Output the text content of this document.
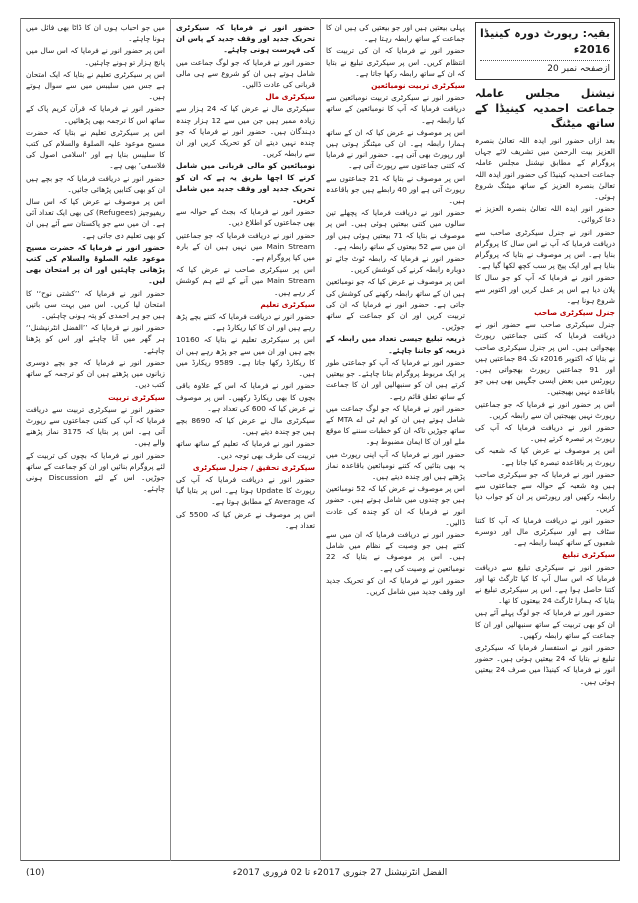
بقیہ: رپورٹ دورہ کینیڈا 2016ء
ازصفحہ نمبر 20
نیشنل مجلس عاملہ جماعت احمدیہ کینیڈا کے ساتھ میٹنگ

بعد ازاں حضور انور ایدہ اللہ تعالیٰ بنصرہ العزیز بیت الرحمن میں تشریف لائے جہاں پروگرام کے مطابق نیشنل مجلس عاملہ جماعت احمدیہ کینیڈا کی حضور انور ایدہ اللہ تعالیٰ بنصرہ العزیز کے ساتھ میٹنگ شروع ہوئی۔

حضور انور ایدہ اللہ تعالیٰ بنصرہ العزیز نے دعا کروائی۔

حضور انور نے جنرل سیکرٹری صاحب سے دریافت فرمایا کہ آپ نے اس سال کا پروگرام بنایا ہے۔ اس پر موصوف نے بتایا کہ پروگرام بنایا ہے اور ایک پیج پر سب کچھ لکھا گیا ہے۔

حضور انور نے فرمایا کہ آپ کو جو سال کا پلان دیا ہے اس پر عمل کریں اور اکتوبر سے شروع ہونا ہے۔

جنرل سیکرٹری صاحب

جنرل سیکرٹری صاحب سے حضور انور نے دریافت فرمایا کہ کتنی جماعتیں رپورٹ بھجواتی ہیں۔ اس پر جنرل سیکرٹری صاحب نے بتایا کہ اکتوبر 2016ء تک 84 جماعتیں ہیں اور 91 جماعتیں رپورٹ بھجواتی ہیں۔ رپورٹس میں بعض ایسی جگہیں بھی ہیں جو باقاعدہ نہیں بھیجتیں۔

اس پر حضور انور نے فرمایا کہ جو جماعتیں رپورٹ نہیں بھیجتیں ان سے رابطہ کریں۔

حضور انور نے دریافت فرمایا کہ آپ کی رپورٹ پر تبصرہ کرتے ہیں۔

اس پر موصوف نے عرض کیا کہ شعبہ کی رپورٹ پر باقاعدہ تبصرہ کیا جاتا ہے۔

حضور انور نے فرمایا کہ جو سیکرٹری صاحب ہیں وہ شعبہ کے حوالہ سے جماعتوں سے رابطہ رکھیں اور رپورٹس پر ان کو جواب دیا کریں۔

حضور انور نے دریافت فرمایا کہ آپ کا کتنا سٹاف ہے اور سیکرٹری مال اور دوسرے شعبوں کے ساتھ کیسا رابطہ ہے۔

سیکرٹری تبلیغ

حضور انور نے سیکرٹری تبلیغ سے دریافت فرمایا کہ اس سال آپ کا کیا ٹارگٹ تھا اور کتنا حاصل ہوا ہے۔ اس پر سیکرٹری تبلیغ نے بتایا کہ ہمارا ٹارگٹ 24 بیعتوں کا تھا۔

حضور انور نے فرمایا کہ جو لوگ پہلے آئے ہیں ان کو بھی تربیت کے ساتھ سنبھالیں اور ان کا جماعت کے ساتھ رابطہ رکھیں۔

حضور انور نے استفسار فرمایا کہ سیکرٹری تبلیغ نے بتایا کہ 24 بیعتیں ہوئی ہیں۔ حضور انور نے فرمایا کہ کینیڈا میں صرف 24 بیعتیں ہوئی ہیں۔

پہلی بیعتیں ہیں اور جو بیعتیں کی ہیں ان کا جماعت کے ساتھ رابطہ رہتا ہے۔

حضور انور نے فرمایا کہ ان کی تربیت کا انتظام کریں۔ اس پر سیکرٹری تبلیغ نے بتایا کہ ان کے ساتھ رابطہ رکھا جاتا ہے۔

سیکرٹری تربیت نومبائعین

حضور انور نے سیکرٹری تربیت نومبائعین سے دریافت فرمایا کہ آپ کا نومبائعین کے ساتھ کیا رابطہ ہے۔

اس پر موصوف نے عرض کیا کہ ان کے ساتھ ہمارا رابطہ ہے۔ ان کی میٹنگز ہوتی ہیں اور رپورٹ بھی آتی ہے۔ حضور انور نے فرمایا کہ کتنی جماعتوں سے رپورٹ آتی ہے۔

اس پر موصوف نے بتایا کہ 21 جماعتوں سے رپورٹ آتی ہے اور 40 رابطے ہیں جو باقاعدہ ہیں۔

حضور انور نے دریافت فرمایا کہ پچھلے تین سالوں میں کتنی بیعتیں ہوئی ہیں۔ اس پر موصوف نے بتایا کہ 71 بیعتیں ہوئی ہیں اور ان میں سے 52 بیعتوں کے ساتھ رابطہ ہے۔

حضور انور نے فرمایا کہ رابطہ ٹوٹ جائے تو دوبارہ رابطہ کرنے کی کوشش کریں۔

اس پر موصوف نے عرض کیا کہ جو نومبائعین ہیں ان کے ساتھ رابطہ رکھنے کی کوشش کی جاتی ہے۔ حضور انور نے فرمایا کہ ان کی تربیت کریں اور ان کو جماعت کے ساتھ جوڑیں۔

ذریعہ تبلیغ جیسی تعداد میں رابطہ کے ذریعہ کو جاننا چاہئے۔

حضور انور نے فرمایا کہ آپ کو جماعتی طور پر ایک مربوط پروگرام بنانا چاہئے۔ جو بیعتیں کرتے ہیں ان کو سنبھالیں اور ان کا جماعت کے ساتھ تعلق قائم رہے۔

حضور انور نے فرمایا کہ جو لوگ جماعت میں شامل ہوتے ہیں ان کو ایم ٹی اے MTA کے ساتھ جوڑیں تاکہ ان کو خطبات سننے کا موقع ملے اور ان کا ایمان مضبوط ہو۔

حضور انور نے فرمایا کہ آپ اپنی رپورٹ میں یہ بھی بتائیں کہ کتنے نومبائعین باقاعدہ نماز پڑھتے ہیں اور چندہ دیتے ہیں۔

اس پر موصوف نے عرض کیا کہ 52 نومبائعین ہیں جو چندوں میں شامل ہوتے ہیں۔ حضور انور نے فرمایا کہ ان کو چندہ کی عادت ڈالیں۔

حضور انور نے دریافت فرمایا کہ ان میں سے کتنے ہیں جو وصیت کے نظام میں شامل ہیں۔ اس پر موصوف نے بتایا کہ 22 نومبائعین نے وصیت کی ہے۔

حضور انور نے فرمایا کہ ان کو تحریک جدید اور وقف جدید میں شامل کریں۔

حضور انور نے فرمایا کہ سیکرٹری تحریک جدید اور وقف جدید کے پاس ان کی فہرست ہونی چاہئے۔

حضور انور نے فرمایا کہ جو لوگ جماعت میں شامل ہوتے ہیں ان کو شروع سے ہی مالی قربانی کی عادت ڈالیں۔

سیکرٹری مال

سیکرٹری مال نے عرض کیا کہ 24 ہزار سے زیادہ ممبر ہیں جن میں سے 12 ہزار چندہ دہندگان ہیں۔ حضور انور نے فرمایا کہ جو چندہ نہیں دیتے ان کو تحریک کریں اور ان سے رابطہ کریں۔

نومبائعین کو مالی قربانی میں شامل کرنے کا اچھا طریق یہ ہے کہ ان کو تحریک جدید اور وقف جدید میں شامل کریں۔

حضور انور نے فرمایا کہ بجٹ کے حوالہ سے بھی جماعتوں کو اطلاع دیں۔

حضور انور نے دریافت فرمایا کہ جو جماعتیں Main Stream میں نہیں ہیں ان کے بارہ میں کیا پروگرام ہے۔

اس پر سیکرٹری صاحب نے عرض کیا کہ Main Stream میں آنے کے لئے ہم کوشش کر رہے ہیں۔

سیکرٹری تعلیم

حضور انور نے دریافت فرمایا کہ کتنے بچے پڑھ رہے ہیں اور ان کا کیا ریکارڈ ہے۔

اس پر سیکرٹری تعلیم نے بتایا کہ 10160 بچے ہیں اور ان میں سے جو پڑھ رہے ہیں ان کا ریکارڈ رکھا جاتا ہے۔ 9589 ریکارڈ میں ہیں۔

حضور انور نے فرمایا کہ اس کے علاوہ باقی بچوں کا بھی ریکارڈ رکھیں۔ اس پر موصوف نے عرض کیا کہ 600 کی تعداد ہے۔

سیکرٹری مال نے عرض کیا کہ 8690 بچے ہیں جو چندہ دیتے ہیں۔

حضور انور نے فرمایا کہ تعلیم کے ساتھ ساتھ تربیت کی طرف بھی توجہ دیں۔

سیکرٹری تحقیق / جنرل سیکرٹری

حضور انور نے دریافت فرمایا کہ آپ کی رپورٹ کا Update ہوتا ہے۔ اس پر بتایا گیا کہ Average کے مطابق ہوتا ہے۔

اس پر موصوف نے عرض کیا کہ 5500 کی تعداد ہے۔

میں جو احباب ہوں ان کا ڈاٹا بھی فائل میں ہونا چاہئے۔

اس پر حضور انور نے فرمایا کہ اس سال میں پانچ ہزار تو ہونے چاہئیں۔

اس پر سیکرٹری تعلیم نے بتایا کہ ایک امتحان ہے جس میں سلیبس میں سے سوال ہوتے ہیں۔

حضور انور نے فرمایا کہ قرآن کریم پاک کے ساتھ اس کا ترجمہ بھی پڑھائیں۔

اس پر سیکرٹری تعلیم نے بتایا کہ حضرت مسیح موعود علیہ الصلوۃ والسلام کی کتب کا سلیبس بنایا ہے اور ‘اسلامی اصول کی فلاسفی’ بھی ہے۔

حضور انور نے دریافت فرمایا کہ جو بچے ہیں ان کو بھی کتابیں پڑھائی جائیں۔

اس پر موصوف نے عرض کیا کہ اس سال ریفیوجیز (Refugees) کی بھی ایک تعداد آئی ہے۔ ان میں سے جو پاکستان سے آئے ہیں ان کو بھی تعلیم دی جاتی ہے۔

حضور انور نے فرمایا کہ حضرت مسیح موعود علیہ الصلوۃ والسلام کی کتب پڑھانی چاہئیں اور ان پر امتحان بھی لیں۔

حضور انور نے فرمایا کہ ’’کشتی نوح‘‘ کا امتحان لیا کریں۔ اس میں بہت سی باتیں ہیں جو ہر احمدی کو پتہ ہونی چاہئیں۔

حضور انور نے فرمایا کہ ’’الفضل انٹرنیشنل‘‘ ہر گھر میں آنا چاہئے اور اس کو پڑھنا چاہئے۔

حضور انور نے فرمایا کہ جو بچے دوسری زبانوں میں پڑھتے ہیں ان کو ترجمہ کے ساتھ کتب دیں۔

سیکرٹری تربیت

حضور انور نے سیکرٹری تربیت سے دریافت فرمایا کہ آپ کی کتنی جماعتوں سے رپورٹ آتی ہے۔ اس پر بتایا کہ 3175 نماز پڑھنے والے ہیں۔

حضور انور نے فرمایا کہ بچوں کی تربیت کے لئے پروگرام بنائیں اور ان کو جماعت کے ساتھ جوڑیں۔ اس کے لئے Discussion ہونی چاہئے۔

(10)	الفضل انٹرنیشنل 27 جنوری 2017ء تا 02 فروری 2017ء
